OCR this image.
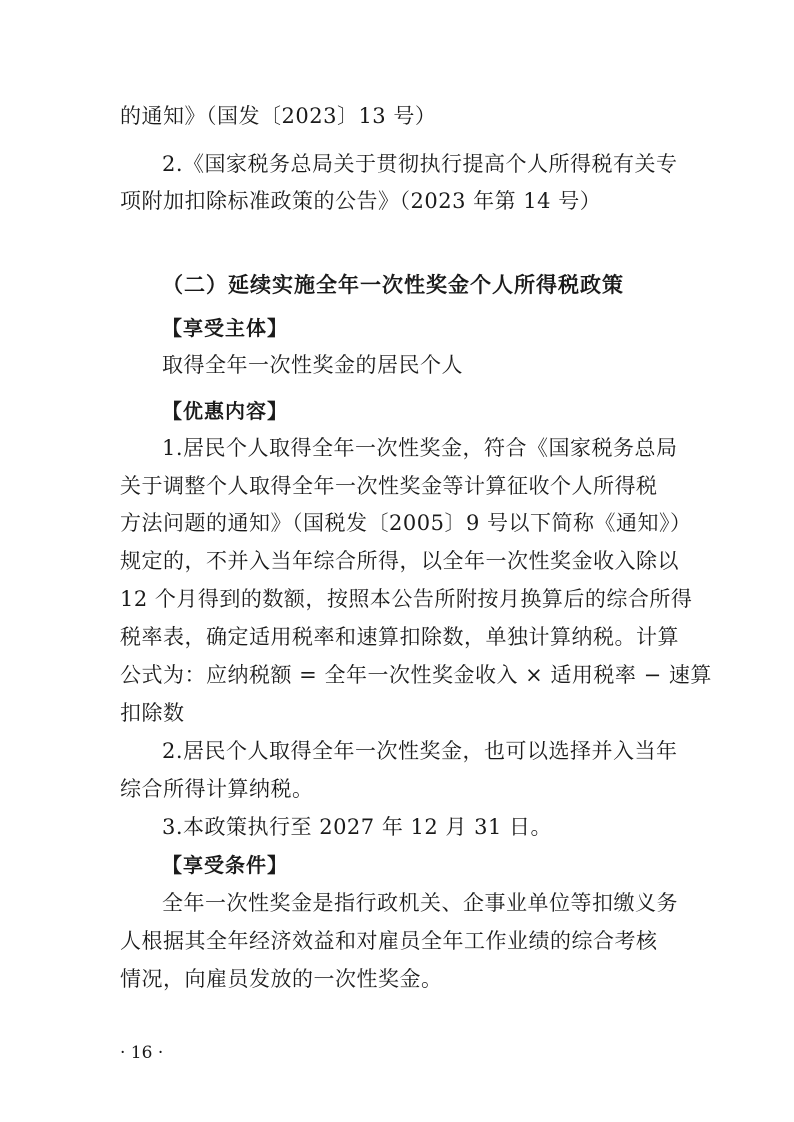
的通知》（国发〔2023〕13 号）
2.《国家税务总局关于贯彻执行提高个人所得税有关专
项附加扣除标准政策的公告》（2023 年第 14 号）
（二）延续实施全年一次性奖金个人所得税政策
【享受主体】
取得全年一次性奖金的居民个人
【优惠内容】
1.居民个人取得全年一次性奖金，符合《国家税务总局
关于调整个人取得全年一次性奖金等计算征收个人所得税
方法问题的通知》（国税发〔2005〕9 号以下简称《通知》）
规定的，不并入当年综合所得，以全年一次性奖金收入除以
12 个月得到的数额，按照本公告所附按月换算后的综合所得
税率表，确定适用税率和速算扣除数，单独计算纳税。计算
公式为：应纳税额 = 全年一次性奖金收入 × 适用税率 − 速算
扣除数
2.居民个人取得全年一次性奖金，也可以选择并入当年
综合所得计算纳税。
3.本政策执行至 2027 年 12 月 31 日。
【享受条件】
全年一次性奖金是指行政机关、企事业单位等扣缴义务
人根据其全年经济效益和对雇员全年工作业绩的综合考核
情况，向雇员发放的一次性奖金。
· 16 ·
